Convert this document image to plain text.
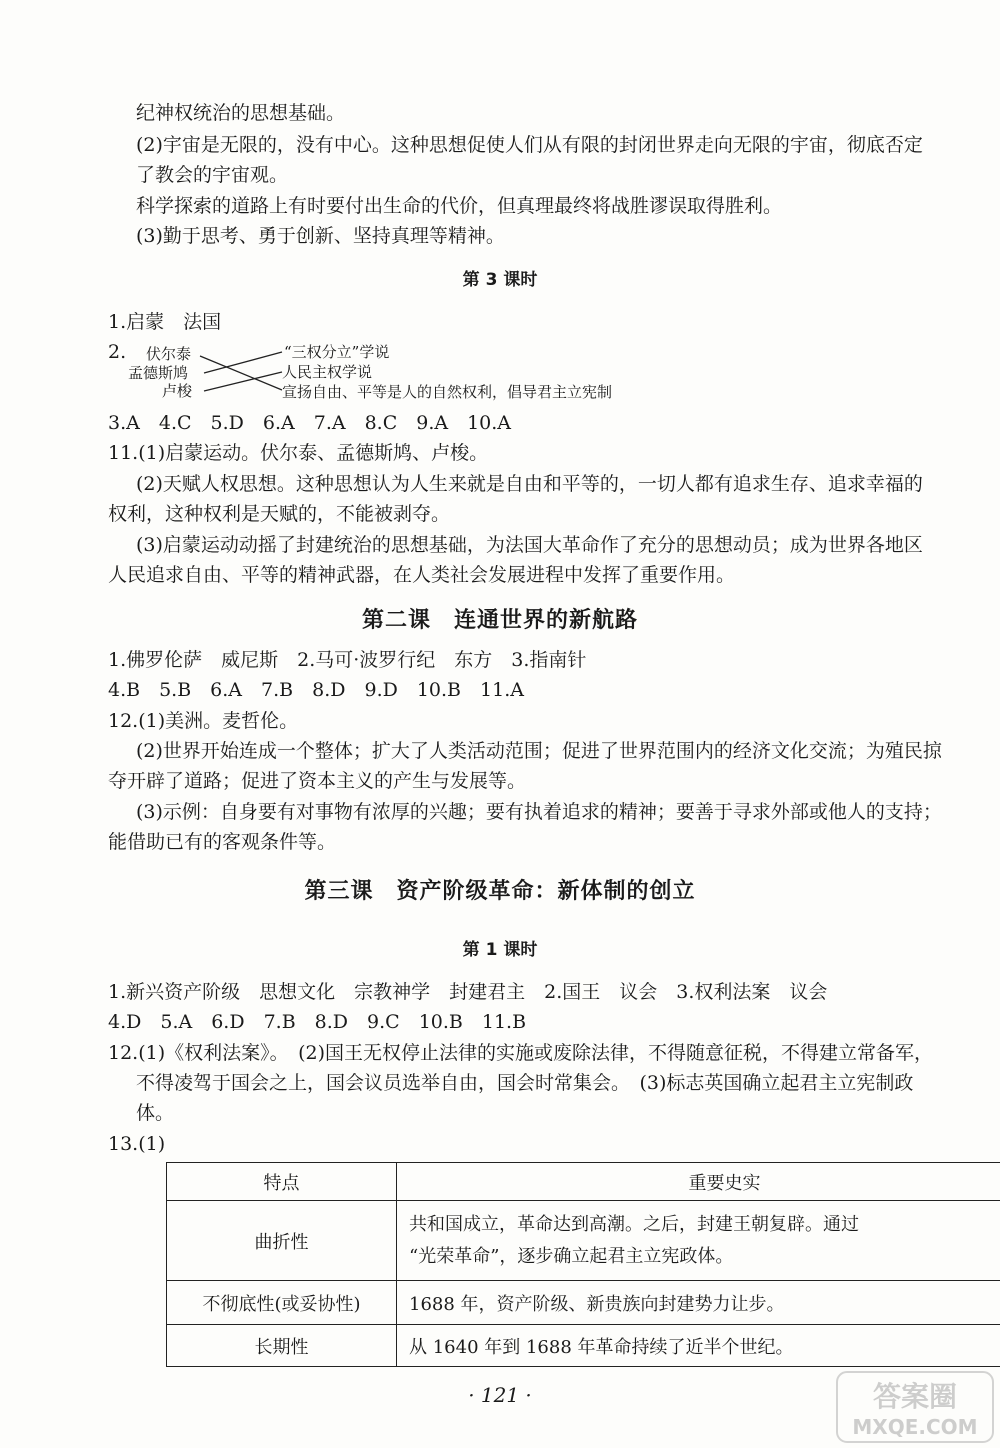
纪神权统治的思想基础。
(2)宇宙是无限的，没有中心。这种思想促使人们从有限的封闭世界走向无限的宇宙，彻底否定
了教会的宇宙观。
科学探索的道路上有时要付出生命的代价，但真理最终将战胜谬误取得胜利。
(3)勤于思考、勇于创新、坚持真理等精神。
第 3 课时
1.启蒙　法国
2. 伏尔泰
孟德斯鸠
卢梭
“三权分立”学说
人民主权学说
宣扬自由、平等是人的自然权利，倡导君主立宪制
3.A　4.C　5.D　6.A　7.A　8.C　9.A　10.A
11.(1)启蒙运动。伏尔泰、孟德斯鸠、卢梭。
(2)天赋人权思想。这种思想认为人生来就是自由和平等的，一切人都有追求生存、追求幸福的
权利，这种权利是天赋的，不能被剥夺。
(3)启蒙运动动摇了封建统治的思想基础，为法国大革命作了充分的思想动员；成为世界各地区
人民追求自由、平等的精神武器，在人类社会发展进程中发挥了重要作用。
第二课　连通世界的新航路
1.佛罗伦萨　威尼斯　2.马可·波罗行纪　东方　3.指南针
4.B　5.B　6.A　7.B　8.D　9.D　10.B　11.A
12.(1)美洲。麦哲伦。
(2)世界开始连成一个整体；扩大了人类活动范围；促进了世界范围内的经济文化交流；为殖民掠
夺开辟了道路；促进了资本主义的产生与发展等。
(3)示例：自身要有对事物有浓厚的兴趣；要有执着追求的精神；要善于寻求外部或他人的支持；
能借助已有的客观条件等。
第三课　资产阶级革命：新体制的创立
第 1 课时
1.新兴资产阶级　思想文化　宗教神学　封建君主　2.国王　议会　3.权利法案　议会
4.D　5.A　6.D　7.B　8.D　9.C　10.B　11.B
12.(1)《权利法案》。　(2)国王无权停止法律的实施或废除法律，不得随意征税，不得建立常备军，
不得凌驾于国会之上，国会议员选举自由，国会时常集会。　(3)标志英国确立起君主立宪制政
体。
13.(1)
特点	重要史实
曲折性	共和国成立，革命达到高潮。之后，封建王朝复辟。通过
“光荣革命”，逐步确立起君主立宪政体。

不彻底性(或妥协性)	1688 年，资产阶级、新贵族向封建势力让步。
长期性	从 1640 年到 1688 年革命持续了近半个世纪。
· 121 ·	答案圈
MXQE.COM
